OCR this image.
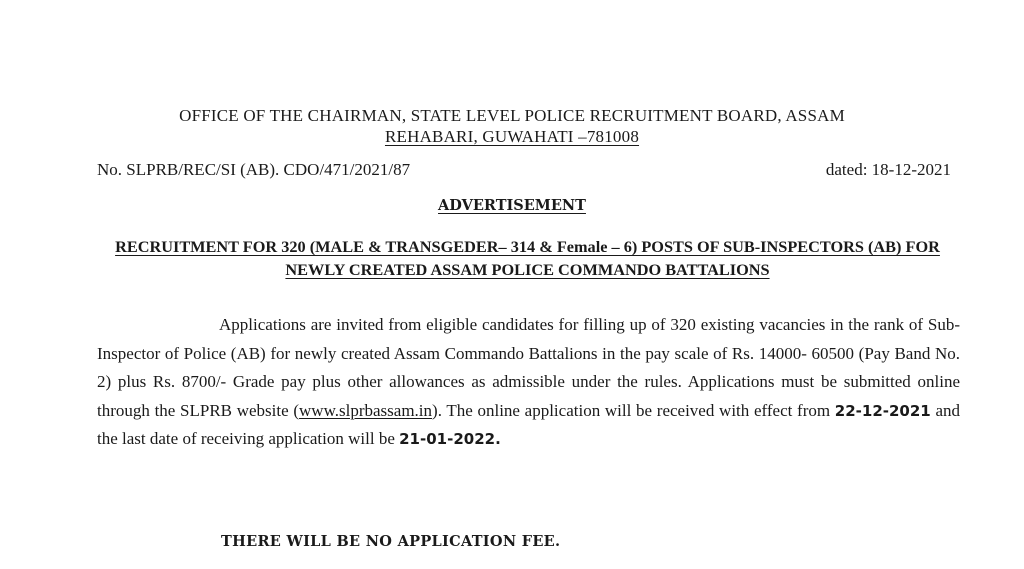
OFFICE OF THE CHAIRMAN, STATE LEVEL POLICE RECRUITMENT BOARD, ASSAM
REHABARI, GUWAHATI –781008
No. SLPRB/REC/SI (AB). CDO/471/2021/87	dated: 18-12-2021
ADVERTISEMENT
RECRUITMENT FOR 320 (MALE & TRANSGEDER– 314 & Female – 6) POSTS OF SUB-INSPECTORS (AB) FOR NEWLY CREATED ASSAM POLICE COMMANDO BATTALIONS
Applications are invited from eligible candidates for filling up of 320 existing vacancies in the rank of Sub-Inspector of Police (AB) for newly created Assam Commando Battalions in the pay scale of Rs. 14000- 60500 (Pay Band No. 2) plus Rs. 8700/- Grade pay plus other allowances as admissible under the rules. Applications must be submitted online through the SLPRB website (www.slprbassam.in). The online application will be received with effect from 22-12-2021 and the last date of receiving application will be 21-01-2022.
THERE WILL BE NO APPLICATION FEE.
